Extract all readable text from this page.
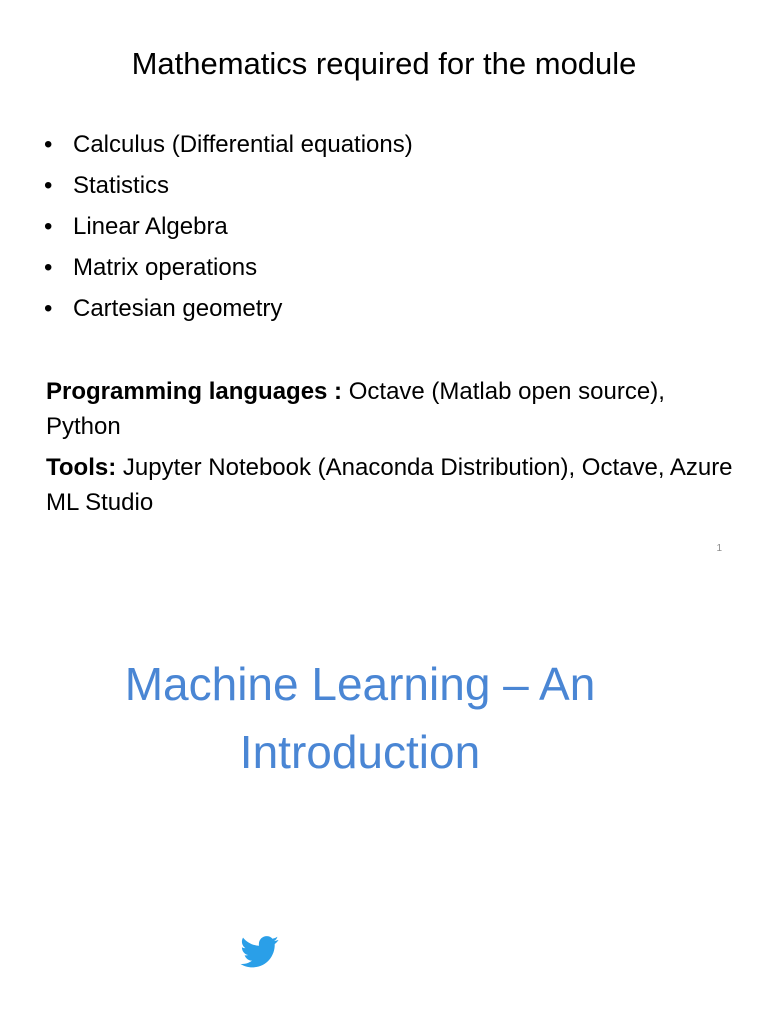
Mathematics required for the module
• Calculus (Differential equations)
• Statistics
• Linear Algebra
• Matrix operations
• Cartesian geometry

Programming languages : Octave (Matlab open source), Python

Tools: Jupyter Notebook (Anaconda Distribution), Octave, Azure ML Studio

1
Machine Learning – An
Introduction
